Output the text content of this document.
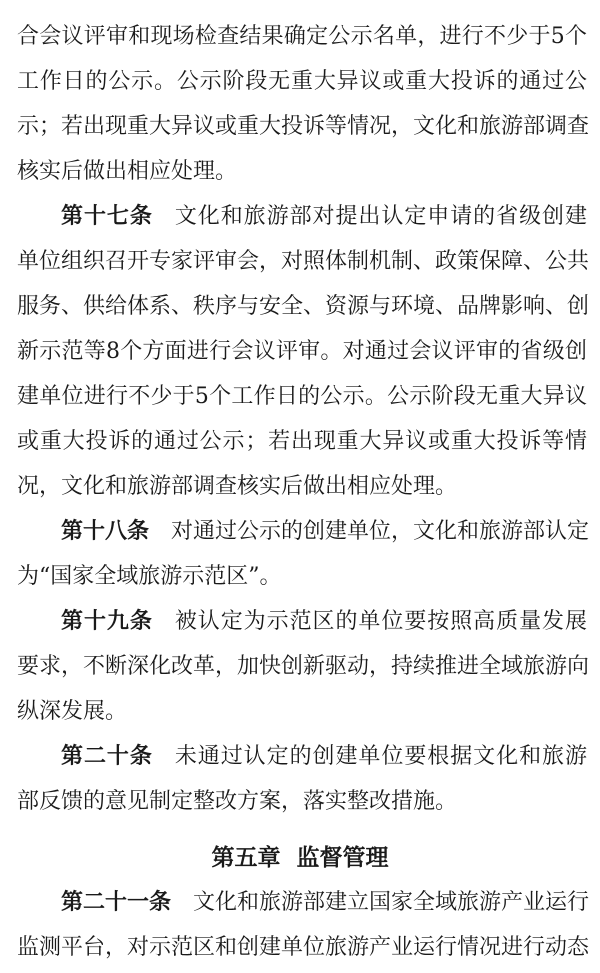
合会议评审和现场检查结果确定公示名单，进行不少于5个
工作日的公示。公示阶段无重大异议或重大投诉的通过公
示；若出现重大异议或重大投诉等情况，文化和旅游部调查
核实后做出相应处理。
第十七条 文化和旅游部对提出认定申请的省级创建
单位组织召开专家评审会，对照体制机制、政策保障、公共
服务、供给体系、秩序与安全、资源与环境、品牌影响、创
新示范等8个方面进行会议评审。对通过会议评审的省级创
建单位进行不少于5个工作日的公示。公示阶段无重大异议
或重大投诉的通过公示；若出现重大异议或重大投诉等情
况，文化和旅游部调查核实后做出相应处理。
第十八条 对通过公示的创建单位，文化和旅游部认定
为“国家全域旅游示范区”。
第十九条 被认定为示范区的单位要按照高质量发展
要求，不断深化改革，加快创新驱动，持续推进全域旅游向
纵深发展。
第二十条 未通过认定的创建单位要根据文化和旅游
部反馈的意见制定整改方案，落实整改措施。
第五章  监督管理
第二十一条 文化和旅游部建立国家全域旅游产业运行
监测平台，对示范区和创建单位旅游产业运行情况进行动态
